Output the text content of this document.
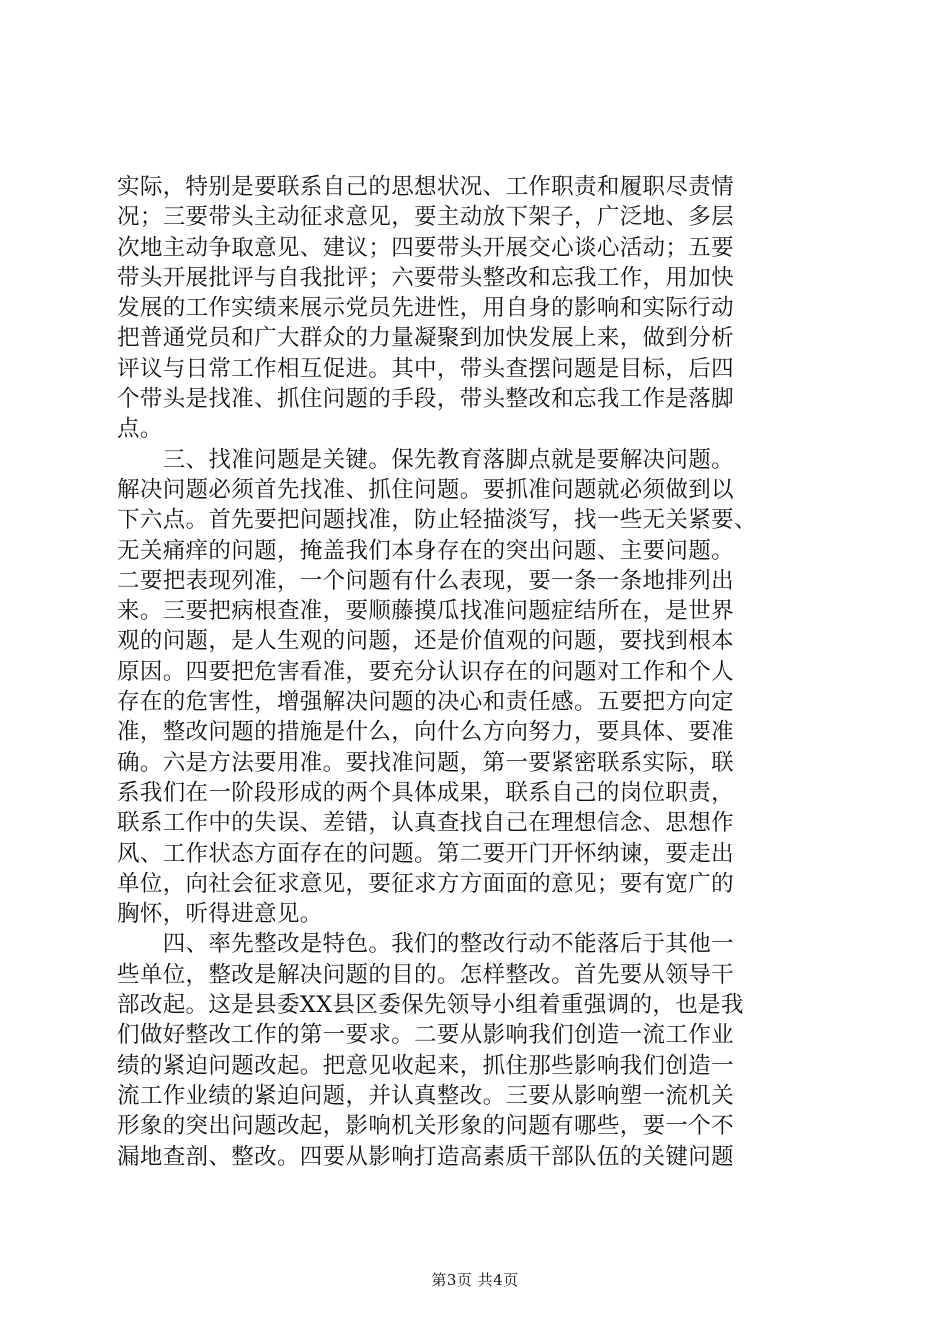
实际，特别是要联系自己的思想状况、工作职责和履职尽责情
况；三要带头主动征求意见，要主动放下架子，广泛地、多层
次地主动争取意见、建议；四要带头开展交心谈心活动；五要
带头开展批评与自我批评；六要带头整改和忘我工作，用加快
发展的工作实绩来展示党员先进性，用自身的影响和实际行动
把普通党员和广大群众的力量凝聚到加快发展上来，做到分析
评议与日常工作相互促进。其中，带头查摆问题是目标，后四
个带头是找准、抓住问题的手段，带头整改和忘我工作是落脚
点。
　　三、找准问题是关键。保先教育落脚点就是要解决问题。
解决问题必须首先找准、抓住问题。要抓准问题就必须做到以
下六点。首先要把问题找准，防止轻描淡写，找一些无关紧要、
无关痛痒的问题，掩盖我们本身存在的突出问题、主要问题。
二要把表现列准，一个问题有什么表现，要一条一条地排列出
来。三要把病根查准，要顺藤摸瓜找准问题症结所在，是世界
观的问题，是人生观的问题，还是价值观的问题，要找到根本
原因。四要把危害看准，要充分认识存在的问题对工作和个人
存在的危害性，增强解决问题的决心和责任感。五要把方向定
准，整改问题的措施是什么，向什么方向努力，要具体、要准
确。六是方法要用准。要找准问题，第一要紧密联系实际，联
系我们在一阶段形成的两个具体成果，联系自己的岗位职责，
联系工作中的失误、差错，认真查找自己在理想信念、思想作
风、工作状态方面存在的问题。第二要开门开怀纳谏，要走出
单位，向社会征求意见，要征求方方面面的意见；要有宽广的
胸怀，听得进意见。
　　四、率先整改是特色。我们的整改行动不能落后于其他一
些单位，整改是解决问题的目的。怎样整改。首先要从领导干
部改起。这是县委XX县区委保先领导小组着重强调的，也是我
们做好整改工作的第一要求。二要从影响我们创造一流工作业
绩的紧迫问题改起。把意见收起来，抓住那些影响我们创造一
流工作业绩的紧迫问题，并认真整改。三要从影响塑一流机关
形象的突出问题改起，影响机关形象的问题有哪些，要一个不
漏地查剖、整改。四要从影响打造高素质干部队伍的关键问题
第3页 共4页
